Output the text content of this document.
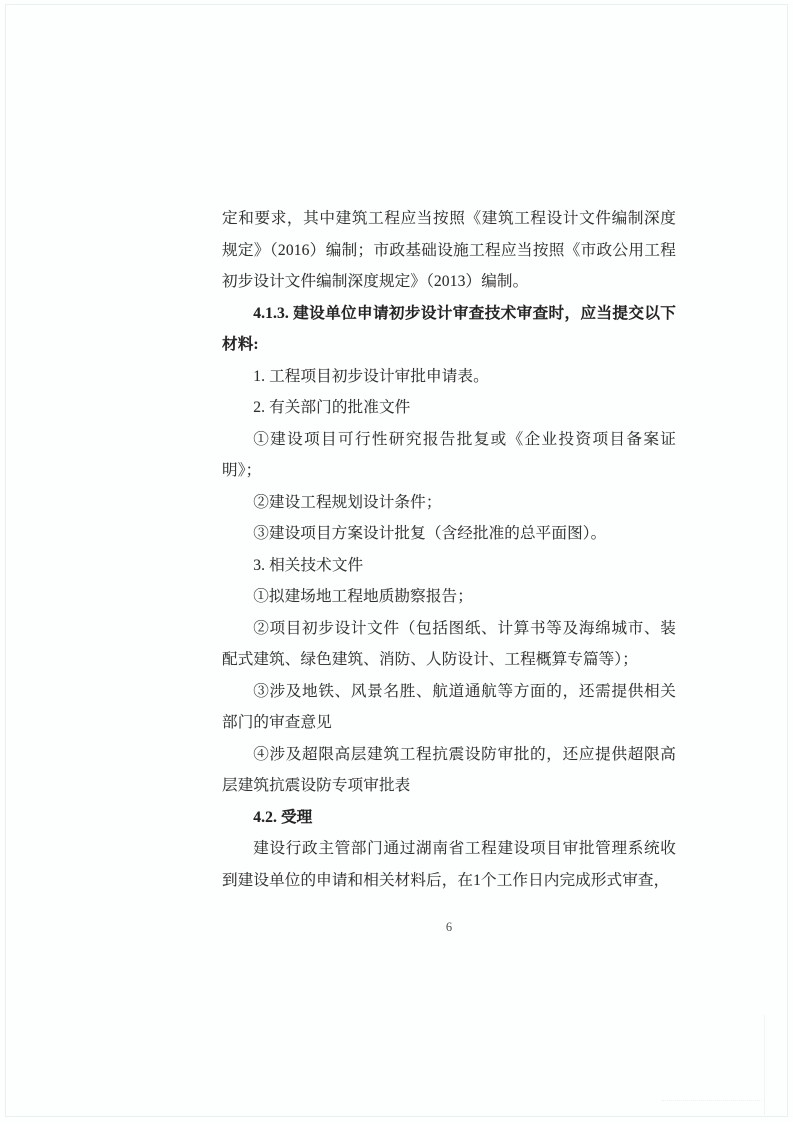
定和要求，其中建筑工程应当按照《建筑工程设计文件编制深度规定》（2016）编制；市政基础设施工程应当按照《市政公用工程初步设计文件编制深度规定》（2013）编制。

4.1.3. 建设单位申请初步设计审查技术审查时，应当提交以下材料:

1. 工程项目初步设计审批申请表。

2. 有关部门的批准文件

①建设项目可行性研究报告批复或《企业投资项目备案证明》；

②建设工程规划设计条件；

③建设项目方案设计批复（含经批准的总平面图）。

3. 相关技术文件

①拟建场地工程地质勘察报告；

②项目初步设计文件（包括图纸、计算书等及海绵城市、装配式建筑、绿色建筑、消防、人防设计、工程概算专篇等）；

③涉及地铁、风景名胜、航道通航等方面的，还需提供相关部门的审查意见

④涉及超限高层建筑工程抗震设防审批的，还应提供超限高层建筑抗震设防专项审批表

4.2. 受理

建设行政主管部门通过湖南省工程建设项目审批管理系统收到建设单位的申请和相关材料后，在1个工作日内完成形式审查，

6
